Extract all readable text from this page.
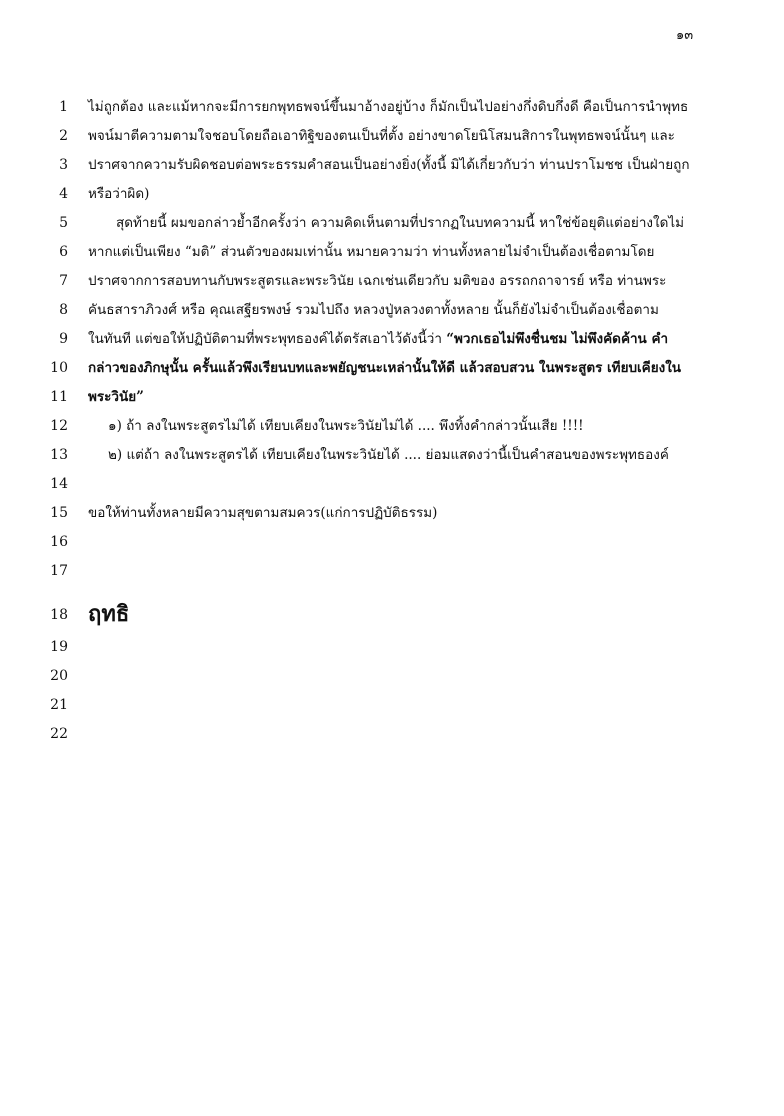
๑๓
1
2
3
4
5
6
7
8
9
10
11
12
13
14
15
16
17
18
19
20
21
22
ไม่ถูกต้อง และแม้หากจะมีการยกพุทธพจน์ขึ้นมาอ้างอยู่บ้าง ก็มักเป็นไปอย่างกึ่งดิบกึ่งดี คือเป็นการนำพุทธ
พจน์มาตีความตามใจชอบโดยถือเอาทิฐิของตนเป็นที่ตั้ง อย่างขาดโยนิโสมนสิการในพุทธพจน์นั้นๆ และ
ปราศจากความรับผิดชอบต่อพระธรรมคำสอนเป็นอย่างยิ่ง(ทั้งนี้ มิได้เกี่ยวกับว่า ท่านปราโมชช เป็นฝ่ายถูก
หรือว่าผิด)
สุดท้ายนี้ ผมขอกล่าวย้ำอีกครั้งว่า ความคิดเห็นตามที่ปรากฏในบทความนี้ หาใช่ข้อยุติแต่อย่างใดไม่
หากแต่เป็นเพียง “มติ” ส่วนตัวของผมเท่านั้น หมายความว่า ท่านทั้งหลายไม่จำเป็นต้องเชื่อตามโดย
ปราศจากการสอบทานกับพระสูตรและพระวินัย เฉกเช่นเดียวกับ มติของ อรรถกถาจารย์ หรือ ท่านพระ
คันธสาราภิวงศ์ หรือ คุณเสฐียรพงษ์ รวมไปถึง หลวงปู่หลวงตาทั้งหลาย นั้นก็ยังไม่จำเป็นต้องเชื่อตาม
ในทันที แต่ขอให้ปฏิบัติตามที่พระพุทธองค์ได้ตรัสเอาไว้ดังนี้ว่า “พวกเธอไม่พึงชื่นชม ไม่พึงคัดค้าน คำ
กล่าวของภิกษุนั้น ครั้นแล้วพึงเรียนบทและพยัญชนะเหล่านั้นให้ดี แล้วสอบสวน ในพระสูตร เทียบเคียงใน
พระวินัย”
๑) ถ้า ลงในพระสูตรไม่ได้ เทียบเคียงในพระวินัยไม่ได้ .... พึงทิ้งคำกล่าวนั้นเสีย !!!!
๒) แต่ถ้า ลงในพระสูตรได้ เทียบเคียงในพระวินัยได้ .... ย่อมแสดงว่านี้เป็นคำสอนของพระพุทธองค์
ขอให้ท่านทั้งหลายมีความสุขตามสมควร(แก่การปฏิบัติธรรม)
ฤทธิ
